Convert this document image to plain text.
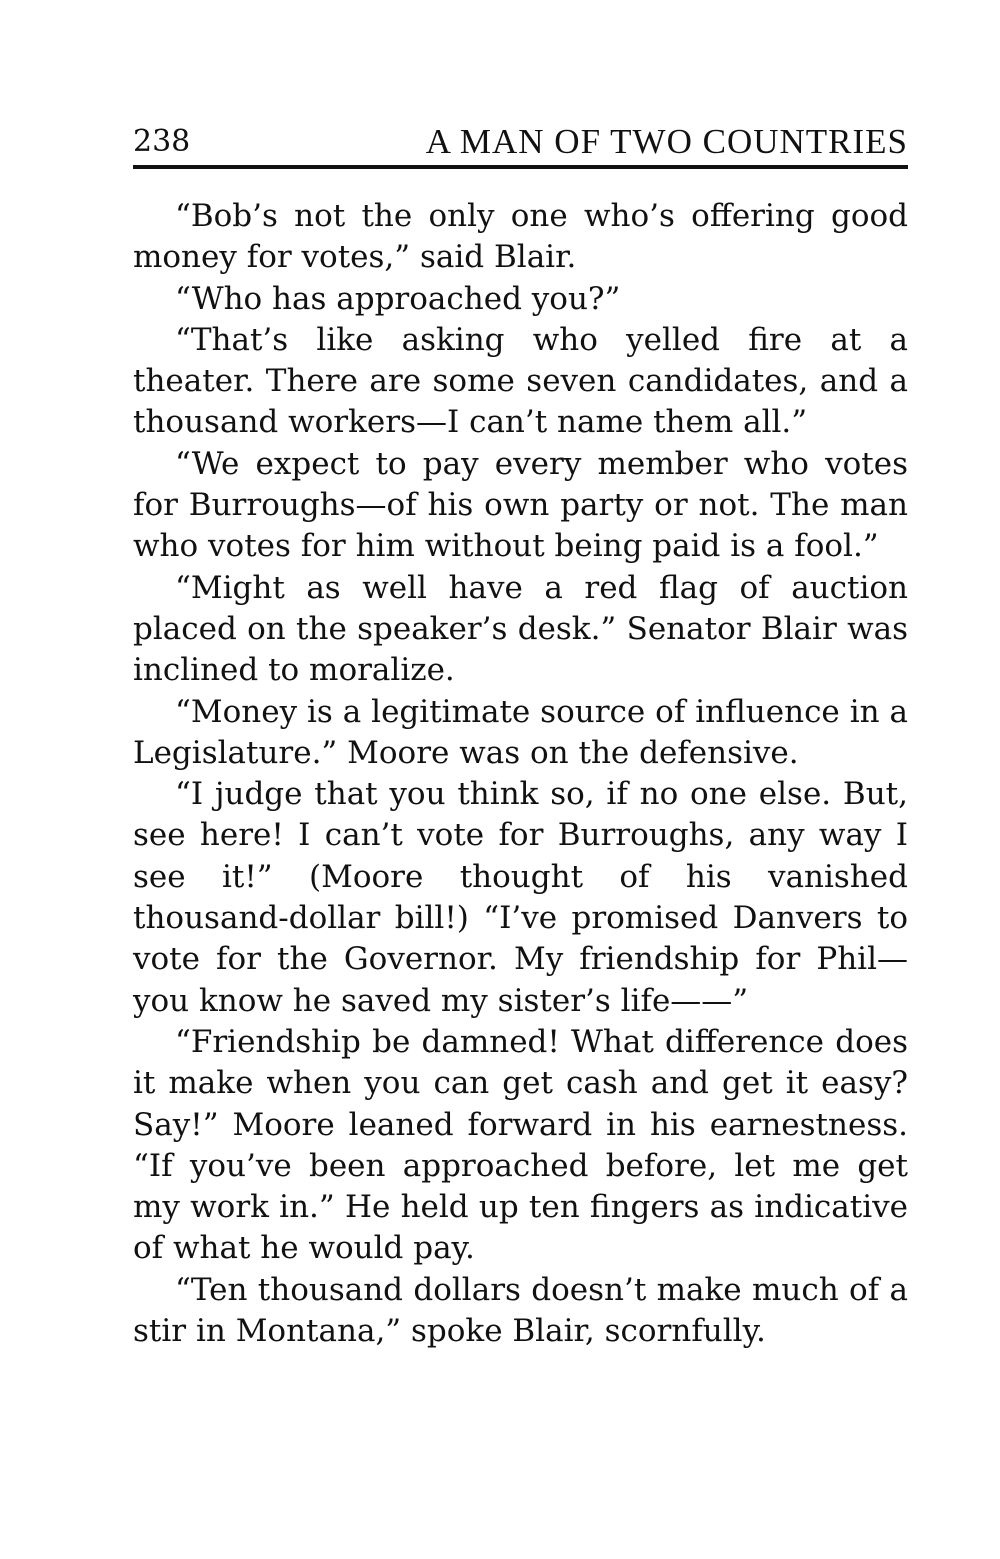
238	A MAN OF TWO COUNTRIES

“Bob’s not the only one who’s offering good money for votes,” said Blair.

“Who has approached you?”

“That’s like asking who yelled fire at a theater. There are some seven candidates, and a thousand workers—I can’t name them all.”

“We expect to pay every member who votes for Burroughs—of his own party or not. The man who votes for him without being paid is a fool.”

“Might as well have a red flag of auction placed on the speaker’s desk.” Senator Blair was inclined to moralize.

“Money is a legitimate source of influence in a Legislature.” Moore was on the defensive.

“I judge that you think so, if no one else. But, see here! I can’t vote for Burroughs, any way I see it!” (Moore thought of his vanished thousand-dollar bill!) “I’ve promised Danvers to vote for the Governor. My friendship for Phil—you know he saved my sister’s life——”

“Friendship be damned! What difference does it make when you can get cash and get it easy? Say!” Moore leaned forward in his earnestness. “If you’ve been approached before, let me get my work in.” He held up ten fingers as indicative of what he would pay.

“Ten thousand dollars doesn’t make much of a stir in Montana,” spoke Blair, scornfully.
